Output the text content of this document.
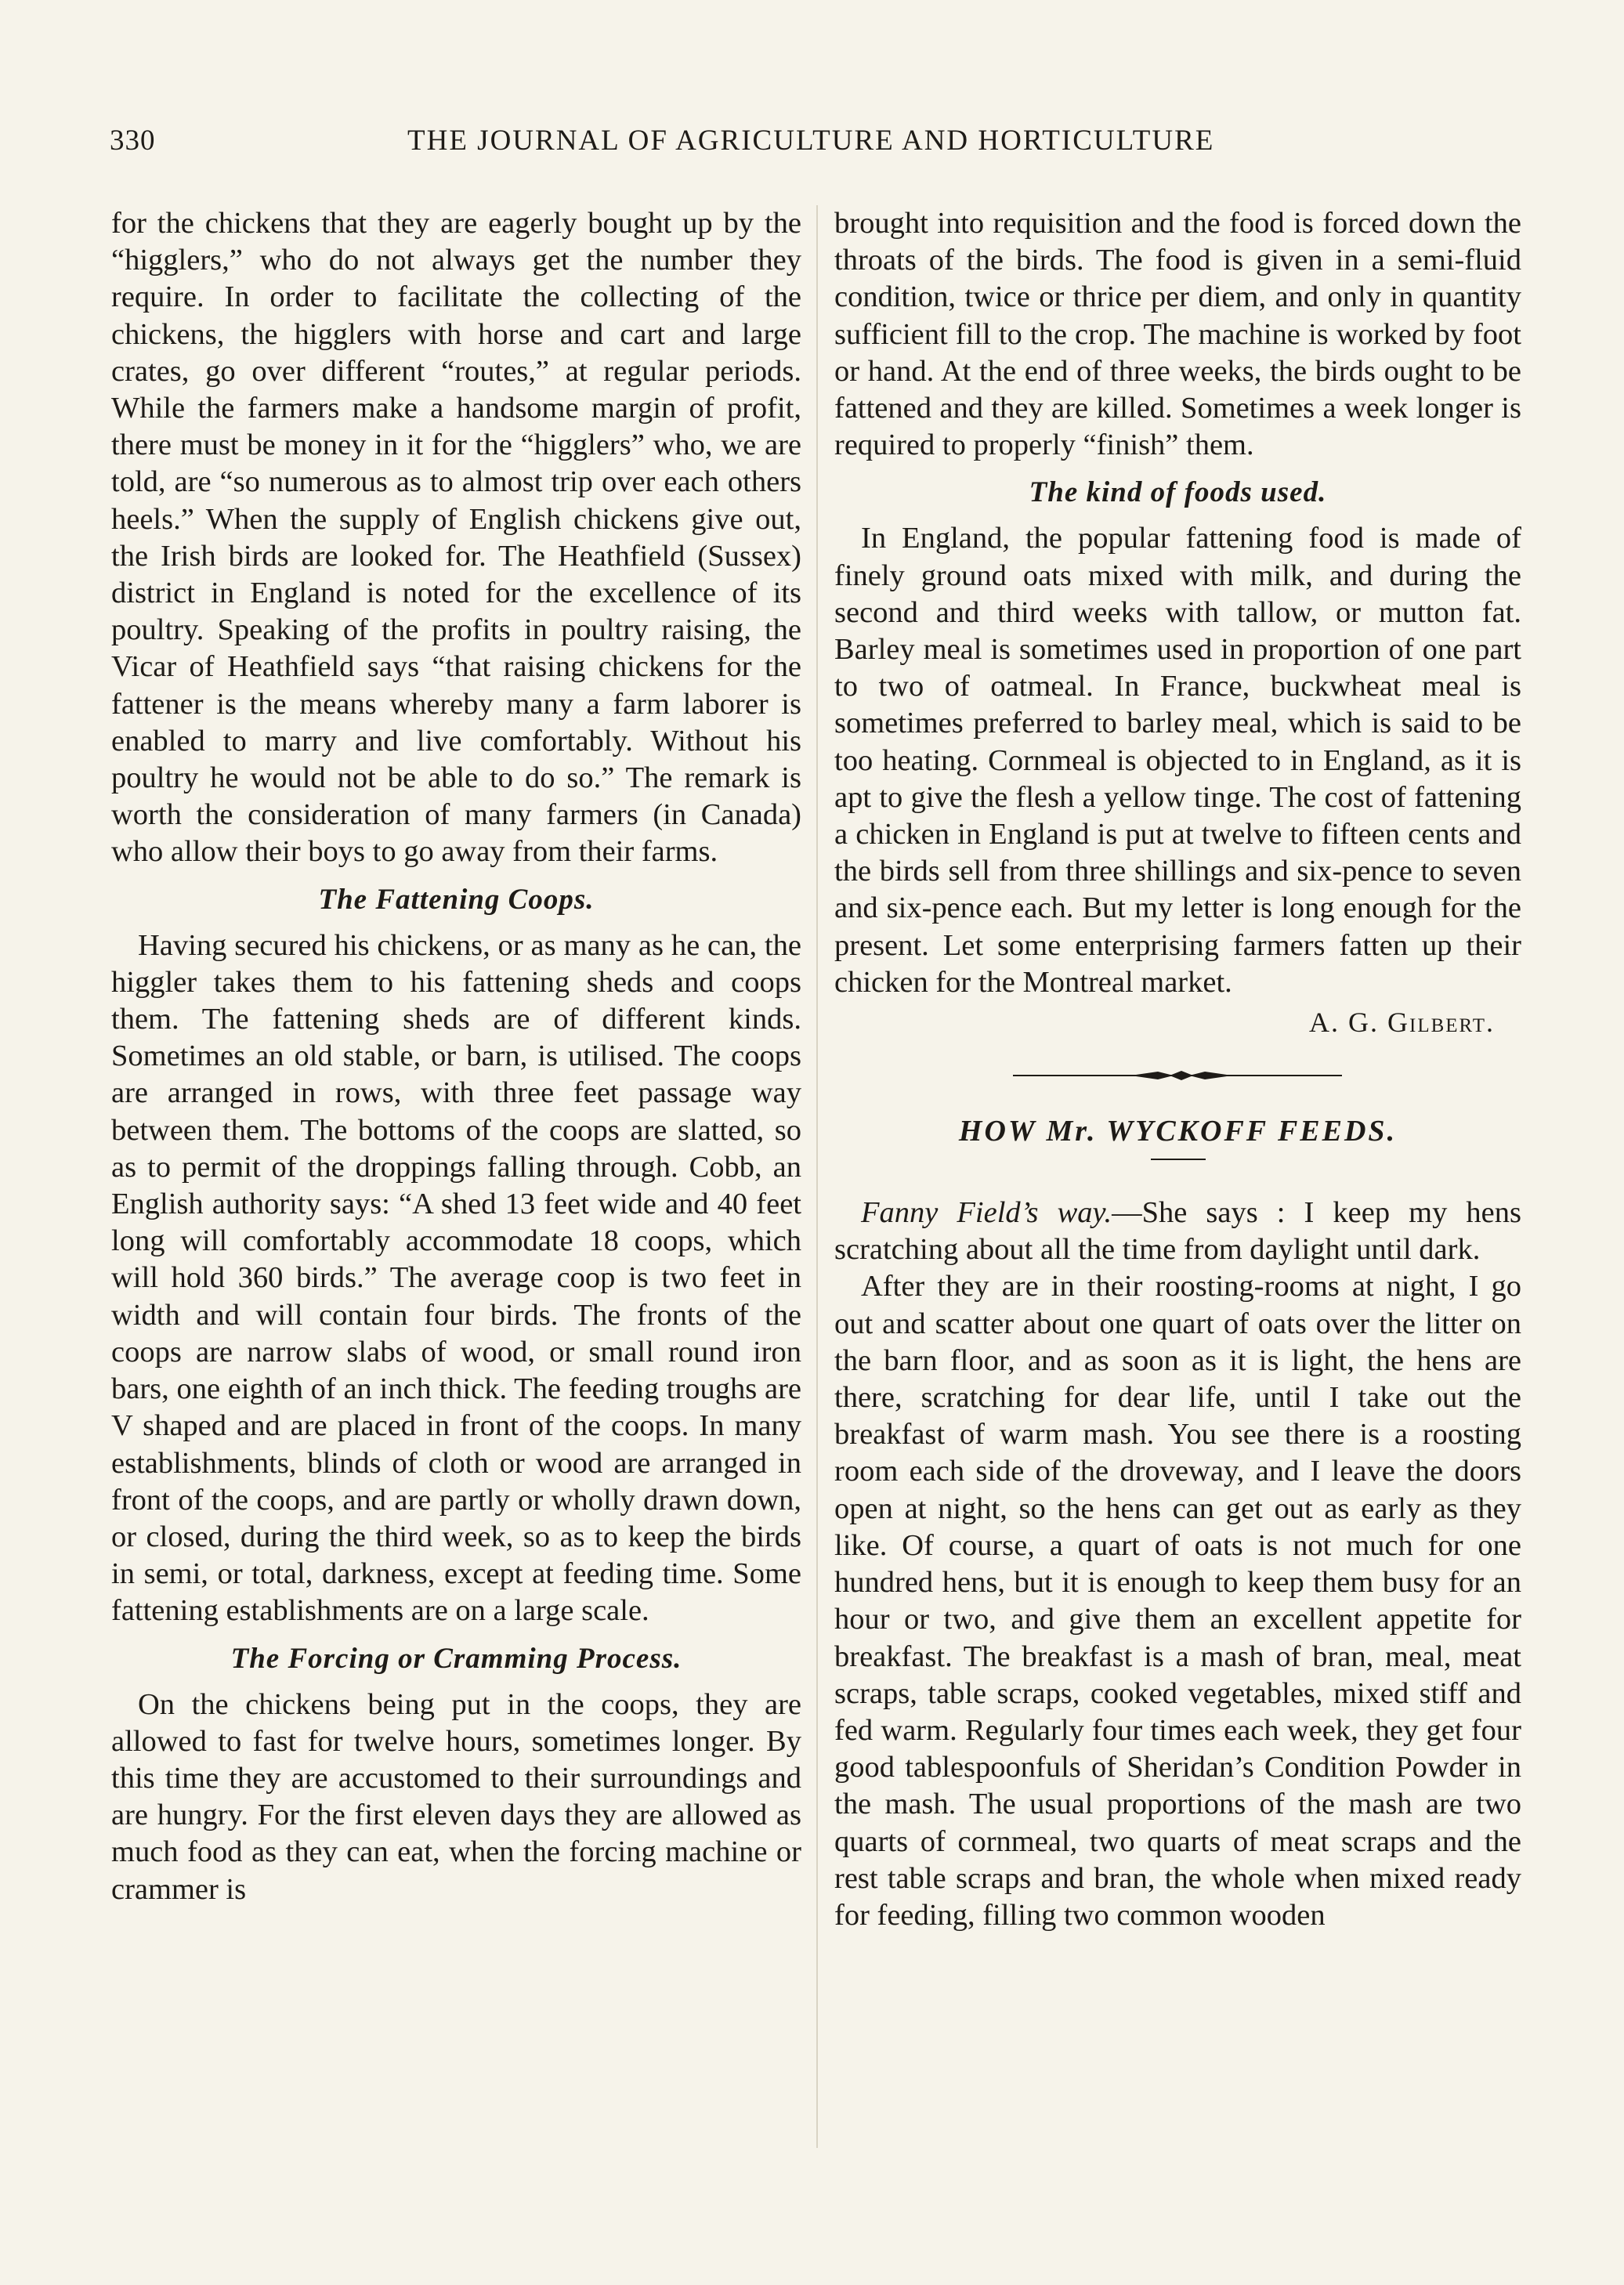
330	THE JOURNAL OF AGRICULTURE AND HORTICULTURE

for the chickens that they are eagerly bought up by the “higglers,” who do not always get the number they require. In order to facilitate the collecting of the chickens, the higglers with horse and cart and large crates, go over different “routes,” at regular periods. While the farmers make a handsome margin of profit, there must be money in it for the “higglers” who, we are told, are “so numerous as to almost trip over each others heels.” When the supply of English chickens give out, the Irish birds are looked for. The Heathfield (Sussex) district in England is noted for the excellence of its poultry. Speaking of the profits in poultry raising, the Vicar of Heathfield says “that raising chickens for the fattener is the means whereby many a farm laborer is enabled to marry and live comfortably. Without his poultry he would not be able to do so.” The remark is worth the consideration of many farmers (in Canada) who allow their boys to go away from their farms.

The Fattening Coops.

Having secured his chickens, or as many as he can, the higgler takes them to his fattening sheds and coops them. The fattening sheds are of different kinds. Sometimes an old stable, or barn, is utilised. The coops are arranged in rows, with three feet passage way between them. The bottoms of the coops are slatted, so as to permit of the droppings falling through. Cobb, an English authority says: “A shed 13 feet wide and 40 feet long will comfortably accommodate 18 coops, which will hold 360 birds.” The average coop is two feet in width and will contain four birds. The fronts of the coops are narrow slabs of wood, or small round iron bars, one eighth of an inch thick. The feeding troughs are V shaped and are placed in front of the coops. In many establishments, blinds of cloth or wood are arranged in front of the coops, and are partly or wholly drawn down, or closed, during the third week, so as to keep the birds in semi, or total, darkness, except at feeding time. Some fattening establishments are on a large scale.

The Forcing or Cramming Process.

On the chickens being put in the coops, they are allowed to fast for twelve hours, sometimes longer. By this time they are accustomed to their surroundings and are hungry. For the first eleven days they are allowed as much food as they can eat, when the forcing machine or crammer is

brought into requisition and the food is forced down the throats of the birds. The food is given in a semi-fluid condition, twice or thrice per diem, and only in quantity sufficient fill to the crop. The machine is worked by foot or hand. At the end of three weeks, the birds ought to be fattened and they are killed. Sometimes a week longer is required to properly “finish” them.

The kind of foods used.

In England, the popular fattening food is made of finely ground oats mixed with milk, and during the second and third weeks with tallow, or mutton fat. Barley meal is sometimes used in proportion of one part to two of oatmeal. In France, buckwheat meal is sometimes preferred to barley meal, which is said to be too heating. Cornmeal is objected to in England, as it is apt to give the flesh a yellow tinge. The cost of fattening a chicken in England is put at twelve to fifteen cents and the birds sell from three shillings and six-pence to seven and six-pence each. But my letter is long enough for the present. Let some enterprising farmers fatten up their chicken for the Montreal market.

A. G. Gilbert.
HOW Mr. WYCKOFF FEEDS.

Fanny Field’s way.—She says : I keep my hens scratching about all the time from daylight until dark.

After they are in their roosting-rooms at night, I go out and scatter about one quart of oats over the litter on the barn floor, and as soon as it is light, the hens are there, scratching for dear life, until I take out the breakfast of warm mash. You see there is a roosting room each side of the droveway, and I leave the doors open at night, so the hens can get out as early as they like. Of course, a quart of oats is not much for one hundred hens, but it is enough to keep them busy for an hour or two, and give them an excellent appetite for breakfast. The breakfast is a mash of bran, meal, meat scraps, table scraps, cooked vegetables, mixed stiff and fed warm. Regularly four times each week, they get four good tablespoonfuls of Sheridan’s Condition Powder in the mash. The usual proportions of the mash are two quarts of cornmeal, two quarts of meat scraps and the rest table scraps and bran, the whole when mixed ready for feeding, filling two common wooden
